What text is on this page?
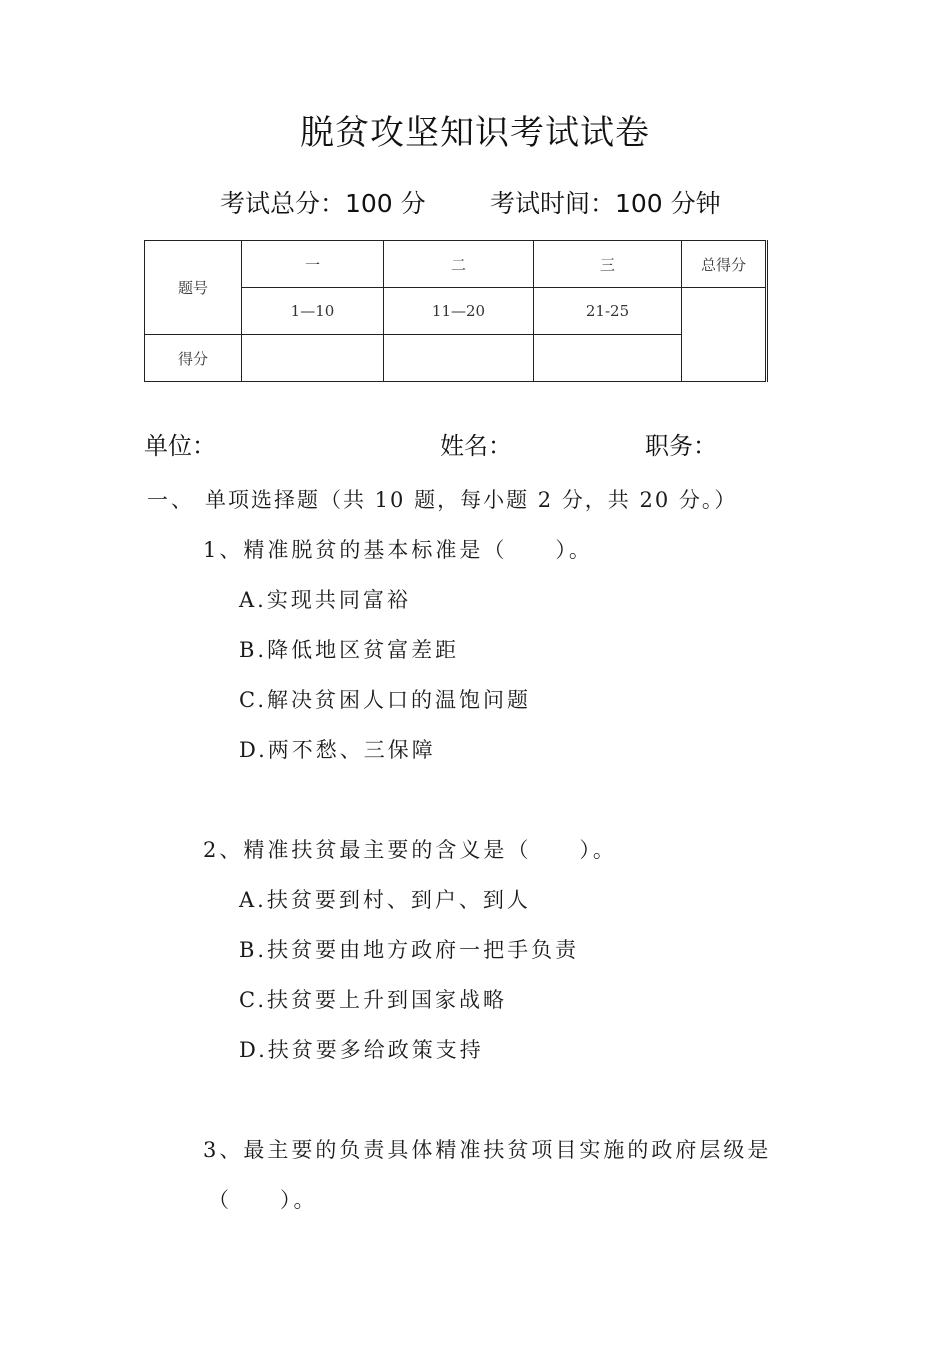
脱贫攻坚知识考试试卷
考试总分：100 分	考试时间：100 分钟
题号	一	二	三	总得分
	1—10	11—20	21-25	
得分				
单位：	姓名：	职务：
一、 单项选择题（共 10 题，每小题 2 分，共 20 分。）
1、精准脱贫的基本标准是（　　）。
A.实现共同富裕
B.降低地区贫富差距
C.解决贫困人口的温饱问题
D.两不愁、三保障
2、精准扶贫最主要的含义是（　　）。
A.扶贫要到村、到户、到人
B.扶贫要由地方政府一把手负责
C.扶贫要上升到国家战略
D.扶贫要多给政策支持
3、最主要的负责具体精准扶贫项目实施的政府层级是
（　　）。
